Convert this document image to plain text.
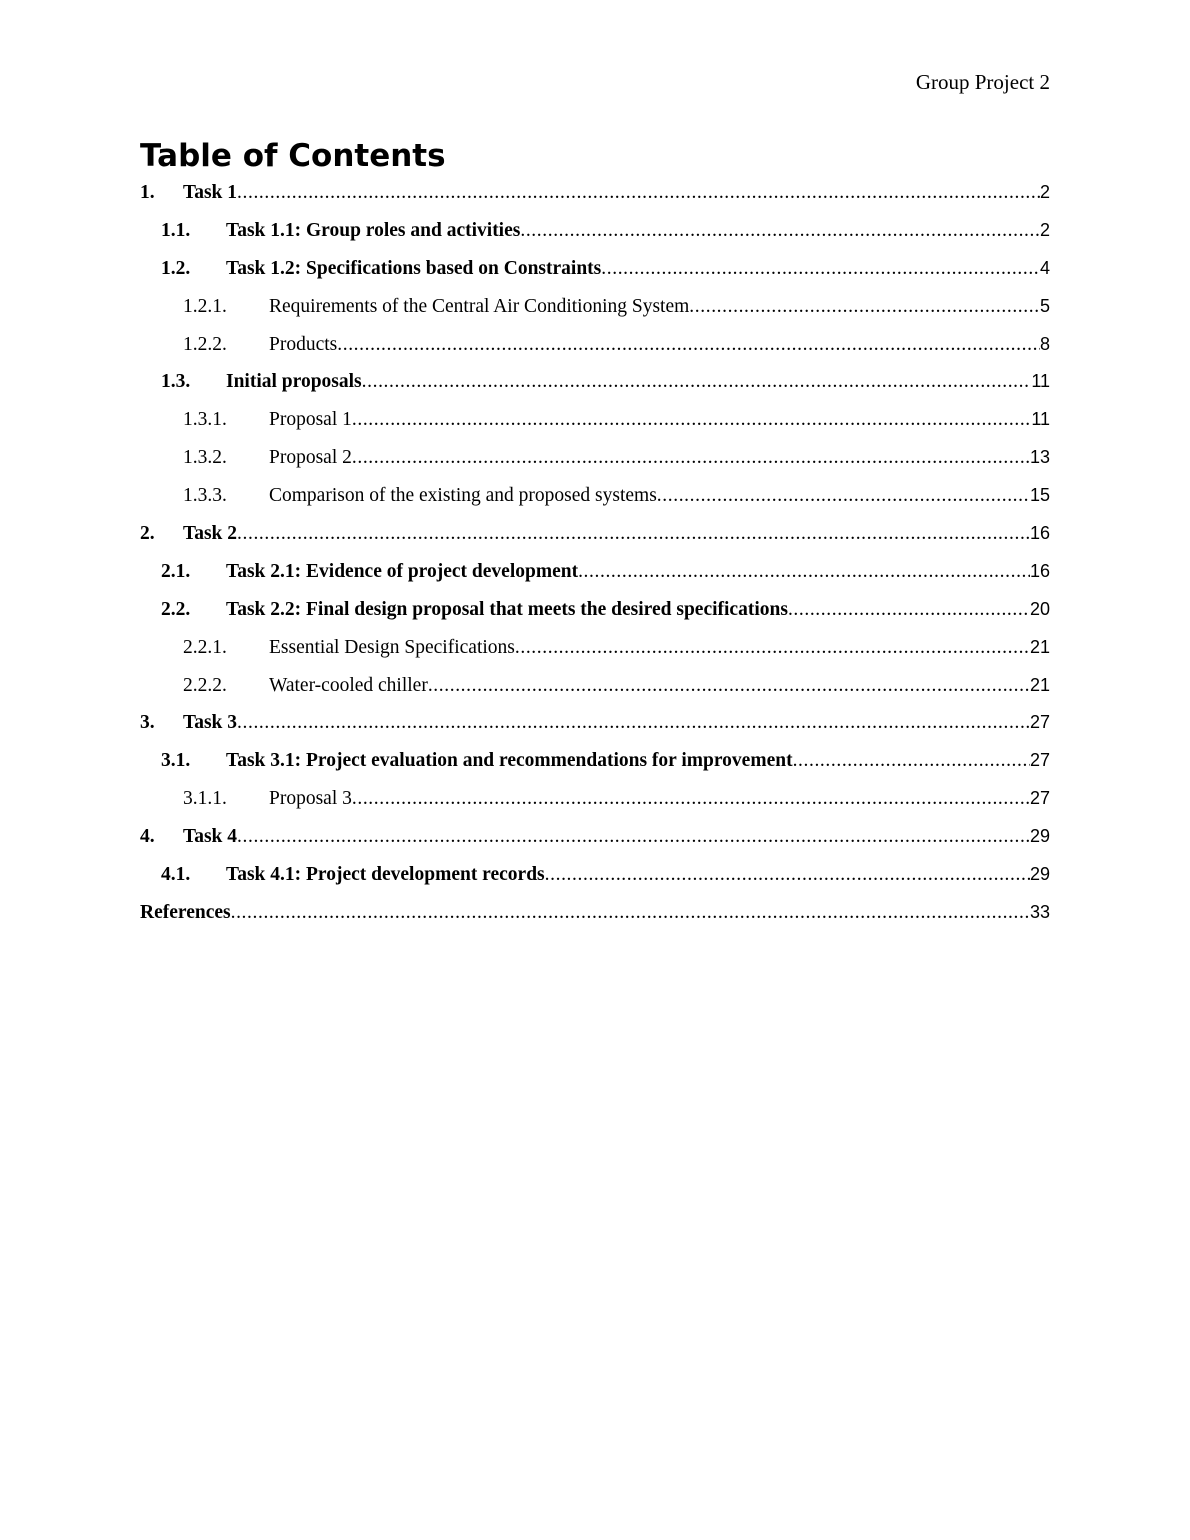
Group Project 2
Table of Contents
1.	Task 1 .....	2
1.1.	Task 1.1: Group roles and activities .....	2
1.2.	Task 1.2: Specifications based on Constraints .....	4
1.2.1.	Requirements of the Central Air Conditioning System .....	5
1.2.2.	Products .....	8
1.3.	Initial proposals .....	11
1.3.1.	Proposal 1 .....	11
1.3.2.	Proposal 2 .....	13
1.3.3.	Comparison of the existing and proposed systems .....	15
2.	Task 2 .....	16
2.1.	Task 2.1: Evidence of project development .....	16
2.2.	Task 2.2: Final design proposal that meets the desired specifications .....	20
2.2.1.	Essential Design Specifications .....	21
2.2.2.	Water-cooled chiller .....	21
3.	Task 3 .....	27
3.1.	Task 3.1: Project evaluation and recommendations for improvement .....	27
3.1.1.	Proposal 3 .....	27
4.	Task 4 .....	29
4.1.	Task 4.1: Project development records .....	29
References .....	33
